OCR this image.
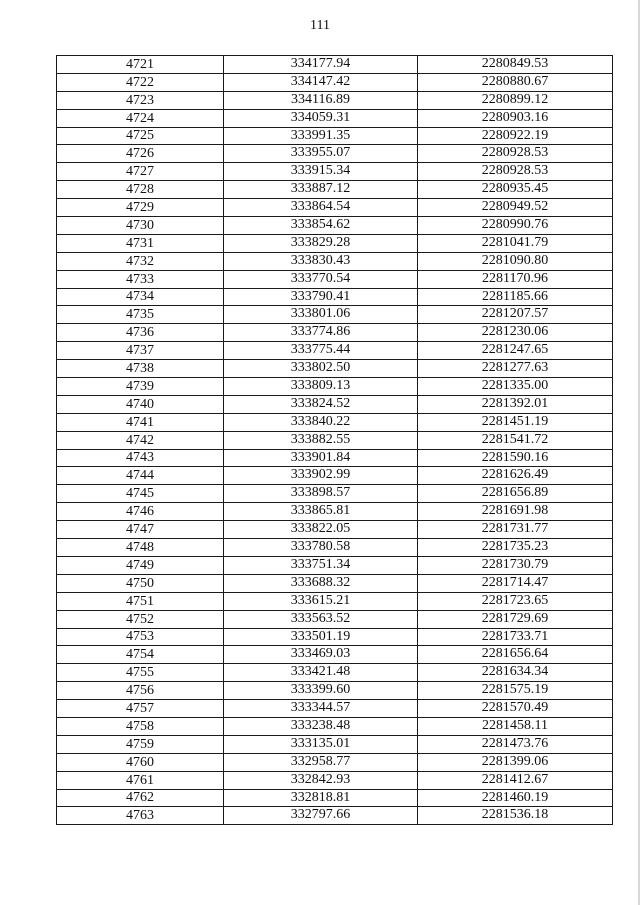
111
4721	334177.94	2280849.53
4722	334147.42	2280880.67
4723	334116.89	2280899.12
4724	334059.31	2280903.16
4725	333991.35	2280922.19
4726	333955.07	2280928.53
4727	333915.34	2280928.53
4728	333887.12	2280935.45
4729	333864.54	2280949.52
4730	333854.62	2280990.76
4731	333829.28	2281041.79
4732	333830.43	2281090.80
4733	333770.54	2281170.96
4734	333790.41	2281185.66
4735	333801.06	2281207.57
4736	333774.86	2281230.06
4737	333775.44	2281247.65
4738	333802.50	2281277.63
4739	333809.13	2281335.00
4740	333824.52	2281392.01
4741	333840.22	2281451.19
4742	333882.55	2281541.72
4743	333901.84	2281590.16
4744	333902.99	2281626.49
4745	333898.57	2281656.89
4746	333865.81	2281691.98
4747	333822.05	2281731.77
4748	333780.58	2281735.23
4749	333751.34	2281730.79
4750	333688.32	2281714.47
4751	333615.21	2281723.65
4752	333563.52	2281729.69
4753	333501.19	2281733.71
4754	333469.03	2281656.64
4755	333421.48	2281634.34
4756	333399.60	2281575.19
4757	333344.57	2281570.49
4758	333238.48	2281458.11
4759	333135.01	2281473.76
4760	332958.77	2281399.06
4761	332842.93	2281412.67
4762	332818.81	2281460.19
4763	332797.66	2281536.18
